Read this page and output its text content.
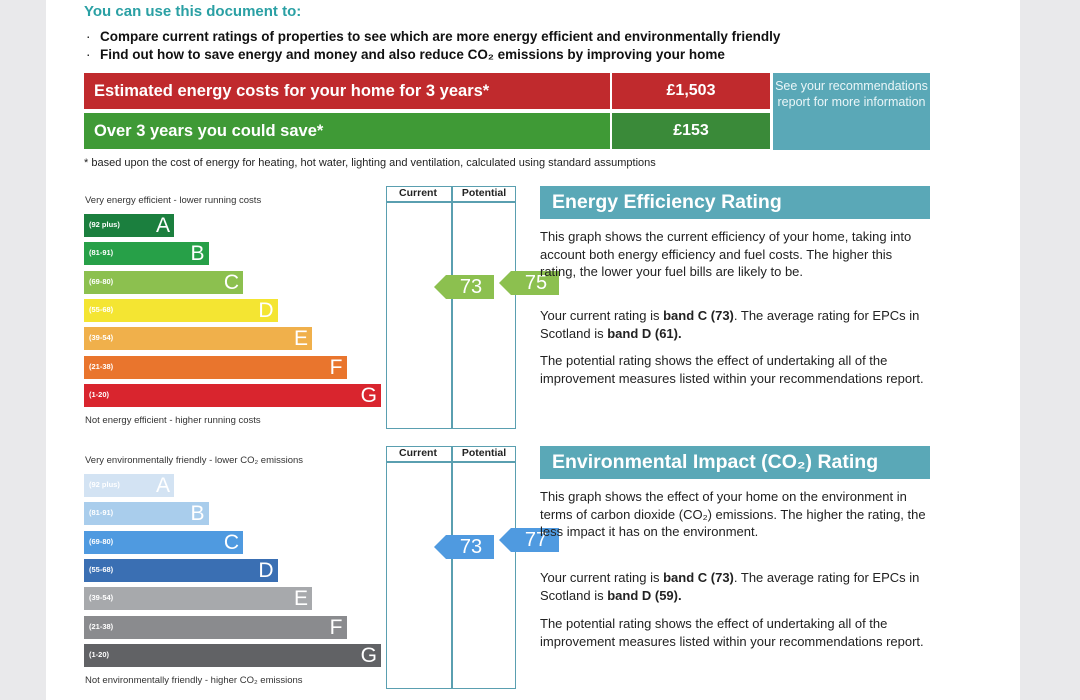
You can use this document to:
· Compare current ratings of properties to see which are more energy efficient and environmentally friendly
· Find out how to save energy and money and also reduce CO₂ emissions by improving your home
Estimated energy costs for your home for 3 years*	£1,503
Over 3 years you could save*	£153
See your recommendations report for more information
* based upon the cost of energy for heating, hot water, lighting and ventilation, calculated using standard assumptions
Very energy efficient - lower running costs
Not energy efficient - higher running costs
Current	Potential
(92 plus) A
(81-91)	B
(69-80)	C
(55-68)	D
(39-54)	E
(21-38)	F
(1-20)	G
73	75
Energy Efficiency Rating
This graph shows the current efficiency of your home, taking into account both energy efficiency and fuel costs. The higher this rating, the lower your fuel bills are likely to be.
Your current rating is band C (73). The average rating for EPCs in Scotland is band D (61).
The potential rating shows the effect of undertaking all of the improvement measures listed within your recommendations report.
Very environmentally friendly - lower CO₂ emissions
Not environmentally friendly - higher CO₂ emissions
Current	Potential
(92 plus) A
(81-91)	B
(69-80)	C
(55-68)	D
(39-54)	E
(21-38)	F
(1-20)	G
73	77
Environmental Impact (CO₂) Rating
This graph shows the effect of your home on the environment in terms of carbon dioxide (CO₂) emissions. The higher the rating, the less impact it has on the environment.
Your current rating is band C (73). The average rating for EPCs in Scotland is band D (59).
The potential rating shows the effect of undertaking all of the improvement measures listed within your recommendations report.
